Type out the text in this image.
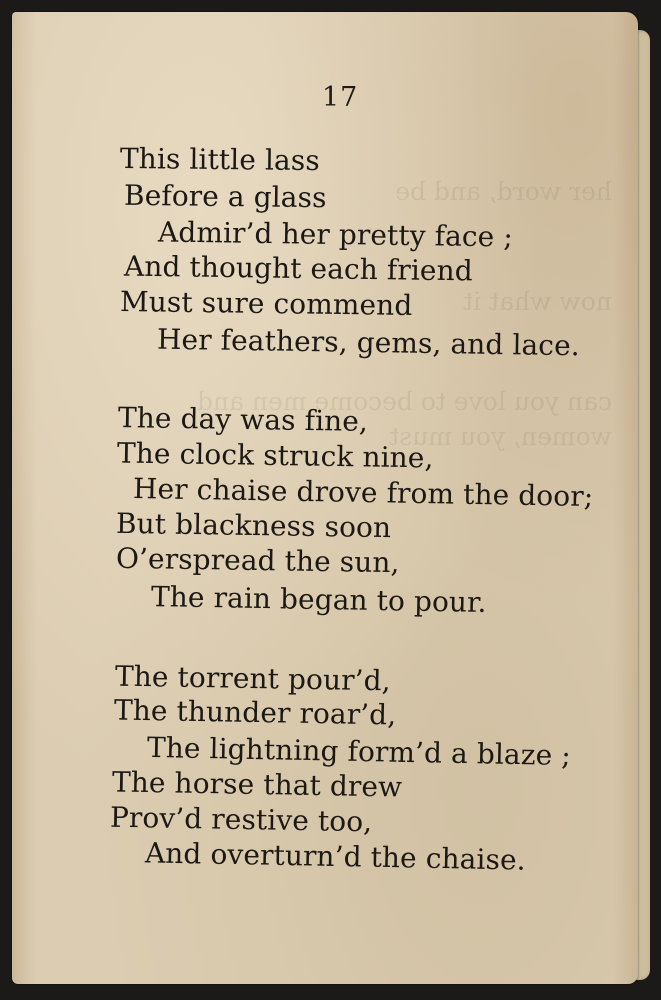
her word, and be
now what it
can you love to become men and
women, you must
17
This little lass
Before a glass
Admir’d her pretty face ;
And thought each friend
Must sure commend
Her feathers, gems, and lace.
The day was fine,
The clock struck nine,
Her chaise drove from the door;
But blackness soon
O’erspread the sun,
The rain began to pour.
The torrent pour’d,
The thunder roar’d,
The lightning form’d a blaze ;
The horse that drew
Prov’d restive too,
And overturn’d the chaise.
